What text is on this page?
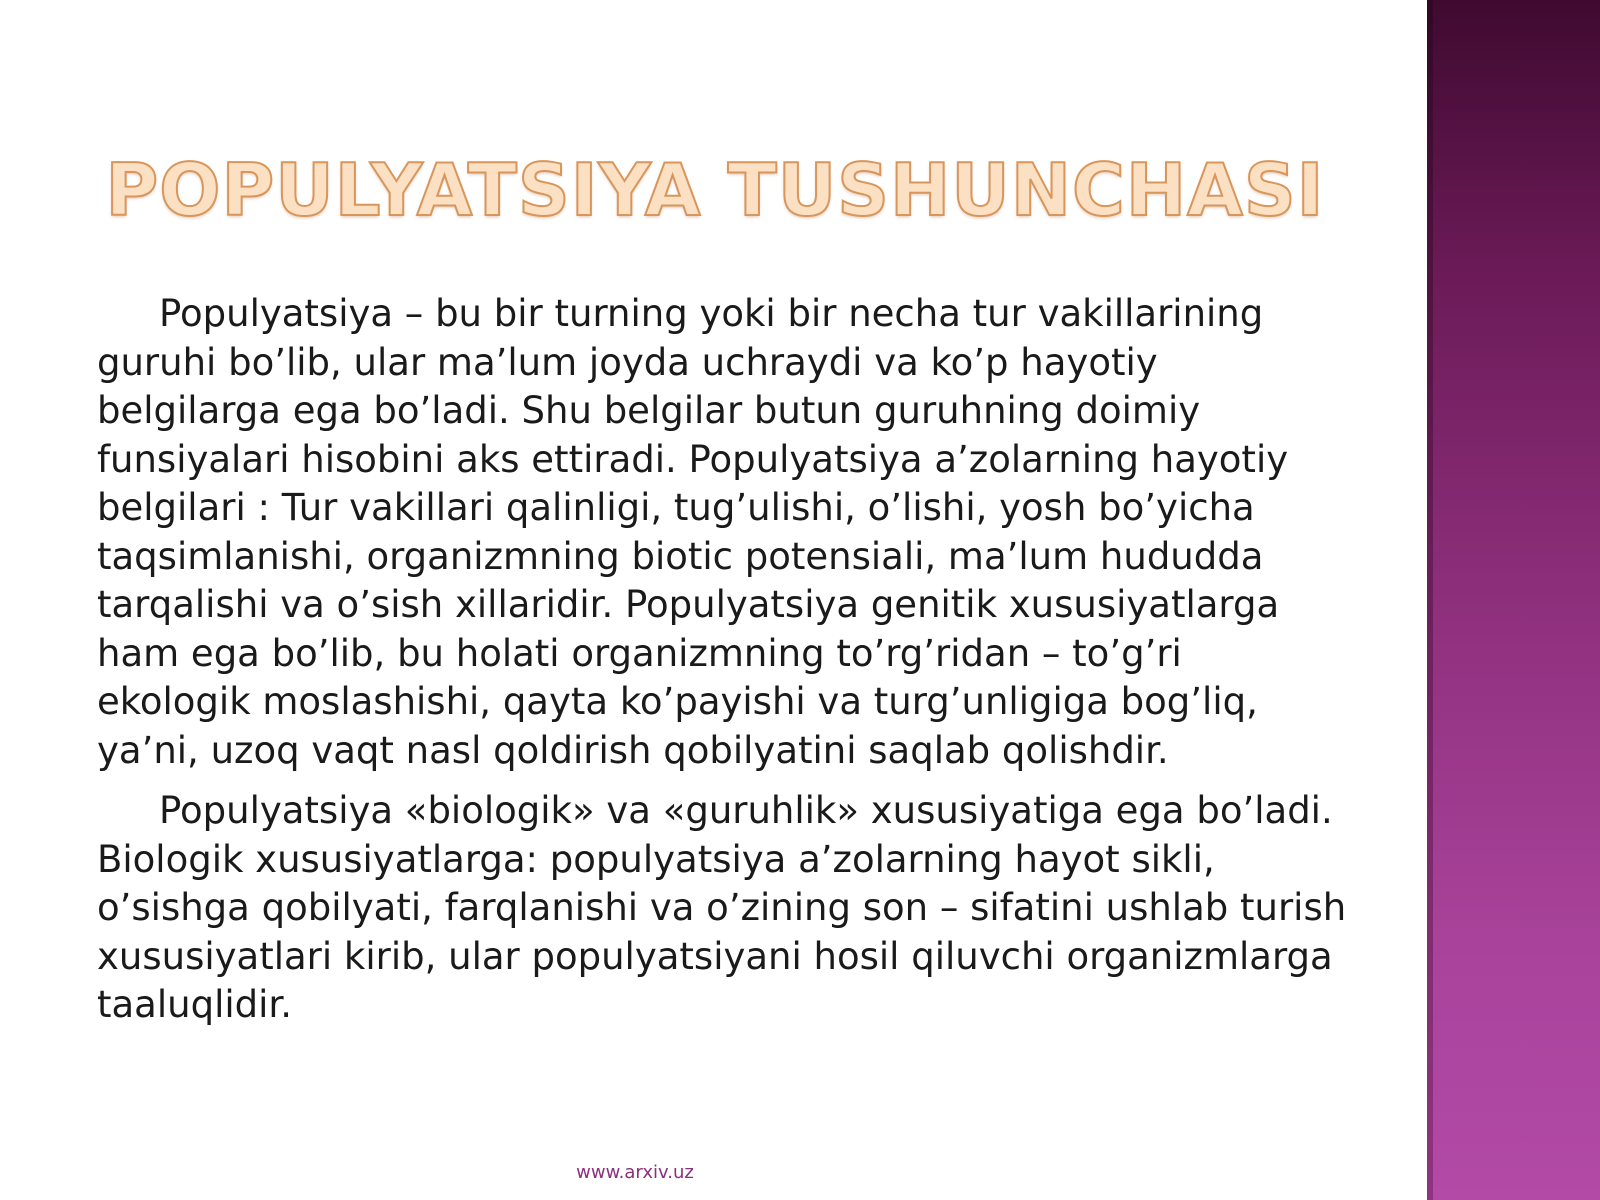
POPULYATSIYA TUSHUNCHASI

Populyatsiya – bu bir turning yoki bir necha tur vakillarining guruhi bo’lib, ular ma’lum joyda uchraydi va ko’p hayotiy belgilarga ega bo’ladi. Shu belgilar butun guruhning doimiy funsiyalari hisobini aks ettiradi. Populyatsiya a’zolarning hayotiy belgilari : Tur vakillari qalinligi, tug’ulishi, o’lishi, yosh bo’yicha taqsimlanishi, organizmning biotic potensiali, ma’lum hududda tarqalishi va o’sish xillaridir. Populyatsiya genitik xususiyatlarga ham ega bo’lib, bu holati organizmning to’rg’ridan – to’g’ri ekologik moslashishi, qayta ko’payishi va turg’unligiga bog’liq, ya’ni, uzoq vaqt nasl qoldirish qobilyatini saqlab qolishdir.

Populyatsiya «biologik» va «guruhlik» xususiyatiga ega bo’ladi. Biologik xususiyatlarga: populyatsiya a’zolarning hayot sikli, o’sishga qobilyati, farqlanishi va o’zining son – sifatini ushlab turish xususiyatlari kirib, ular populyatsiyani hosil qiluvchi organizmlarga taaluqlidir.

www.arxiv.uz
